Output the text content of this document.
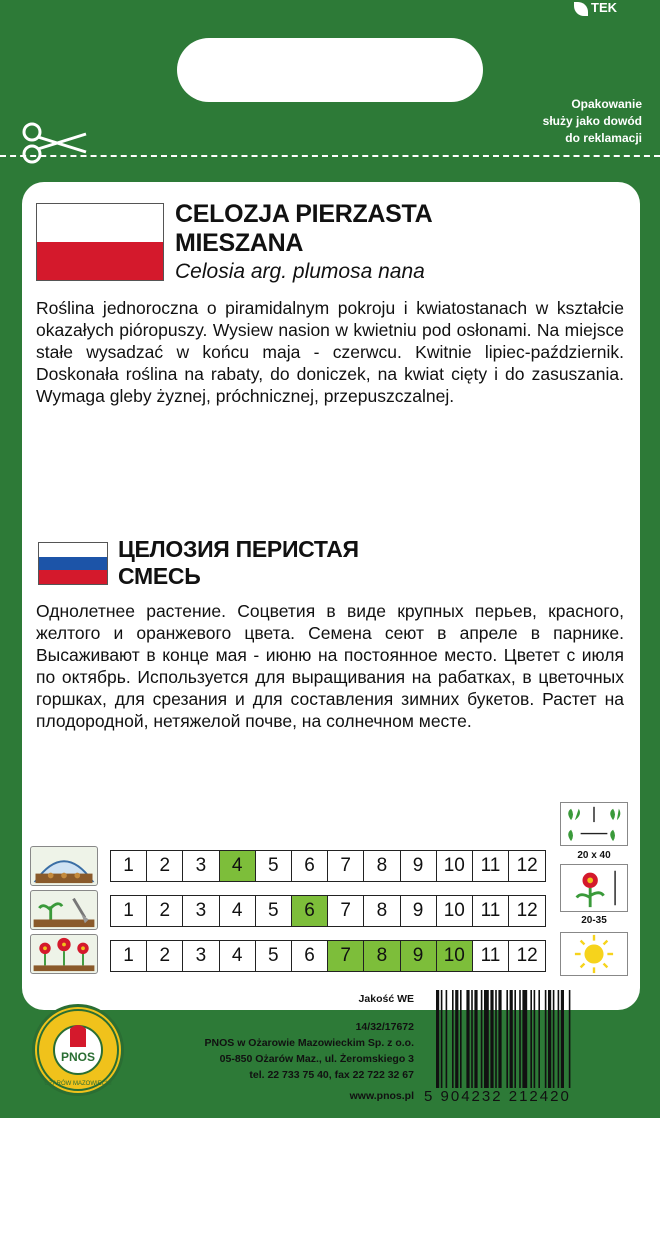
TEK
Opakowanie
służy jako dowód
do reklamacji
CELOZJA PIERZASTA
MIESZANA
Celosia arg. plumosa nana
Roślina jednoroczna o piramidalnym pokroju i kwiatostanach w kształcie okazałych pióropuszy. Wysiew nasion w kwietniu pod osłonami. Na miejsce stałe wysadzać w końcu maja - czerwcu. Kwitnie lipiec-październik. Doskonała roślina na rabaty, do doniczek, na kwiat cięty i do zasuszania. Wymaga gleby żyznej, próchnicznej, przepuszczalnej.
ЦЕЛОЗИЯ ПЕРИСТАЯ
СМЕСЬ
Однолетнее растение. Соцветия в виде крупных перьев, красного, желтого и оранжевого цвета. Семена сеют в апреле в парнике. Высаживают в конце мая - июню на постоянное место. Цветет с июля по октябрь. Используется для выращивания на рабатках, в цветочных горшках, для срезания и для составления зимних букетов. Растет на плодородной, нетяжелой почве, на солнечном месте.
1	2	3	4	5	6	7	8	9	10 11 12
1	2	3	4	5	6	7	8	9	10 11 12
1	2	3	4	5	6	7	8	9	10 11 12
20 x 40
20-35
PNOS
OŻARÓW MAZOWIECKI
Jakość WE
14/32/17672
PNOS w Ożarowie Mazowieckim Sp. z o.o.
05-850 Ożarów Maz., ul. Żeromskiego 3
tel. 22 733 75 40, fax 22 722 32 67
www.pnos.pl 5 904232 212420
